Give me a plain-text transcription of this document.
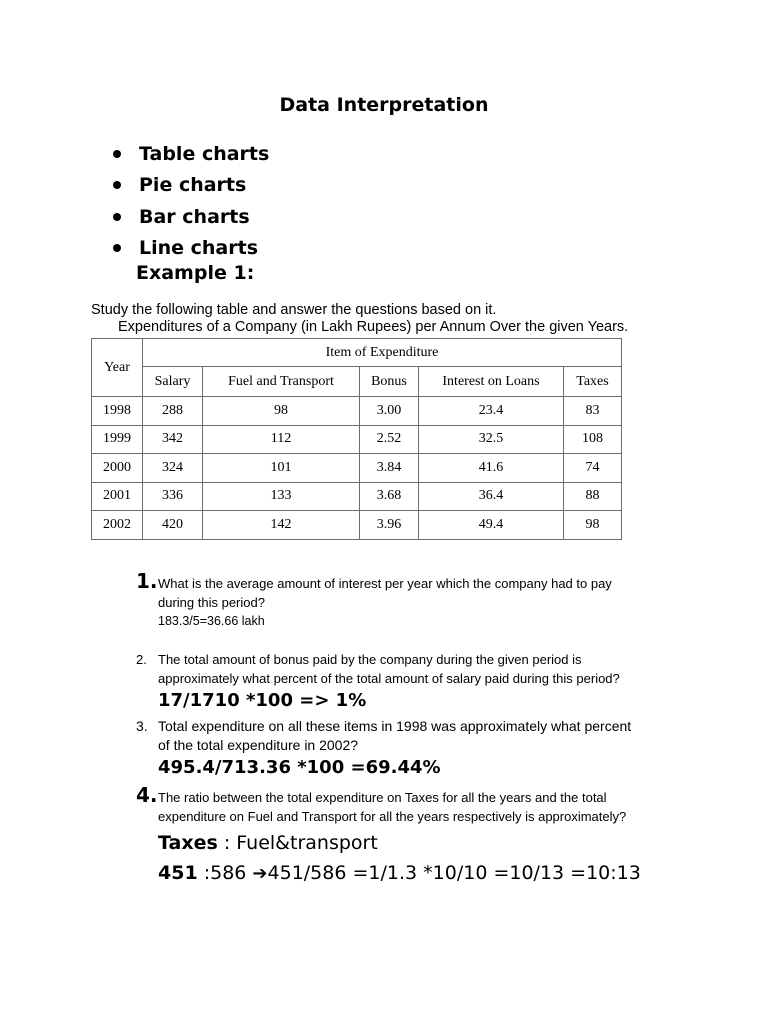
Data Interpretation
Table charts
Pie charts
Bar charts
Line charts
Example 1:
Study the following table and answer the questions based on it.
Expenditures of a Company (in Lakh Rupees) per Annum Over the given Years.
Year	Item of Expenditure				
	Salary	Fuel and Transport	Bonus	Interest on Loans	Taxes
1998	288	98	3.00	23.4	83
1999	342	112	2.52	32.5	108
2000	324	101	3.84	41.6	74
2001	336	133	3.68	36.4	88
2002	420	142	3.96	49.4	98
1.What is the average amount of interest per year which the company had to pay
during this period?
183.3/5=36.66 lakh
2. The total amount of bonus paid by the company during the given period is
approximately what percent of the total amount of salary paid during this period?
17/1710 *100 => 1%
3. Total expenditure on all these items in 1998 was approximately what percent
of the total expenditure in 2002?
495.4/713.36 *100 =69.44%
4.The ratio between the total expenditure on Taxes for all the years and the total
expenditure on Fuel and Transport for all the years respectively is approximately?
Taxes : Fuel&transport
451 :586 ➔451/586 =1/1.3 *10/10 =10/13 =10:13
